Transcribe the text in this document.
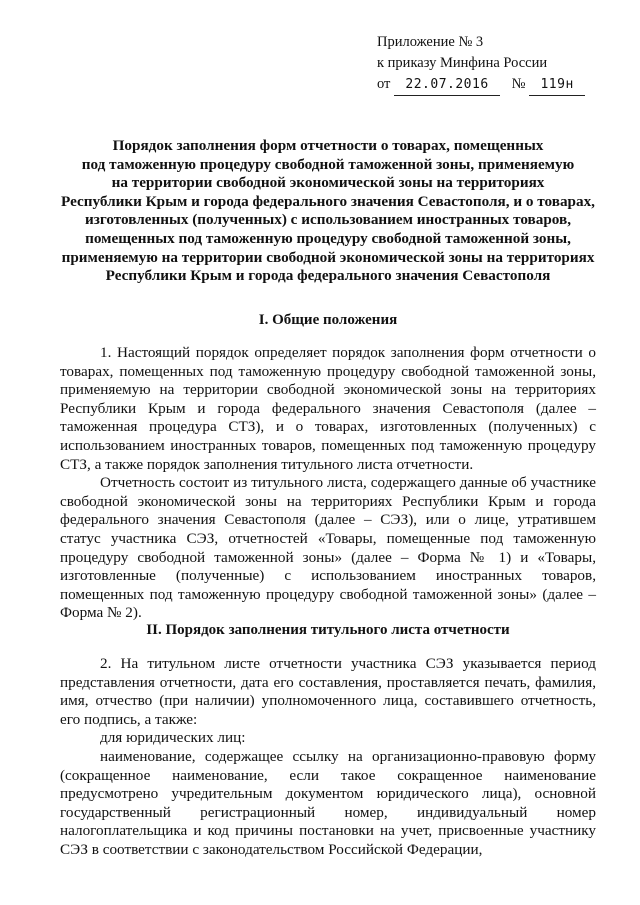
Приложение № 3
к приказу Минфина России
от 22.07.2016 № 119н
Порядок заполнения форм отчетности о товарах, помещенных
под таможенную процедуру свободной таможенной зоны, применяемую
на территории свободной экономической зоны на территориях
Республики Крым и города федерального значения Севастополя, и о товарах,
изготовленных (полученных) с использованием иностранных товаров,
помещенных под таможенную процедуру свободной таможенной зоны,
применяемую на территории свободной экономической зоны на территориях
Республики Крым и города федерального значения Севастополя
I. Общие положения

1. Настоящий порядок определяет порядок заполнения форм отчетности о товарах, помещенных под таможенную процедуру свободной таможенной зоны, применяемую на территории свободной экономической зоны на территориях Республики Крым и города федерального значения Севастополя (далее – таможенная процедура СТЗ), и о товарах, изготовленных (полученных) с использованием иностранных товаров, помещенных под таможенную процедуру СТЗ, а также порядок заполнения титульного листа отчетности.

Отчетность состоит из титульного листа, содержащего данные об участнике свободной экономической зоны на территориях Республики Крым и города федерального значения Севастополя (далее – СЭЗ), или о лице, утратившем статус участника СЭЗ, отчетностей «Товары, помещенные под таможенную процедуру свободной таможенной зоны» (далее – Форма № 1) и «Товары, изготовленные (полученные) с использованием иностранных товаров, помещенных под таможенную процедуру свободной таможенной зоны» (далее – Форма № 2).

II. Порядок заполнения титульного листа отчетности

2. На титульном листе отчетности участника СЭЗ указывается период представления отчетности, дата его составления, проставляется печать, фамилия, имя, отчество (при наличии) уполномоченного лица, составившего отчетность, его подпись, а также:

для юридических лиц:

наименование, содержащее ссылку на организационно-правовую форму (сокращенное наименование, если такое сокращенное наименование предусмотрено учредительным документом юридического лица), основной государственный регистрационный номер, индивидуальный номер налогоплательщика и код причины постановки на учет, присвоенные участнику СЭЗ в соответствии с законодательством Российской Федерации,
